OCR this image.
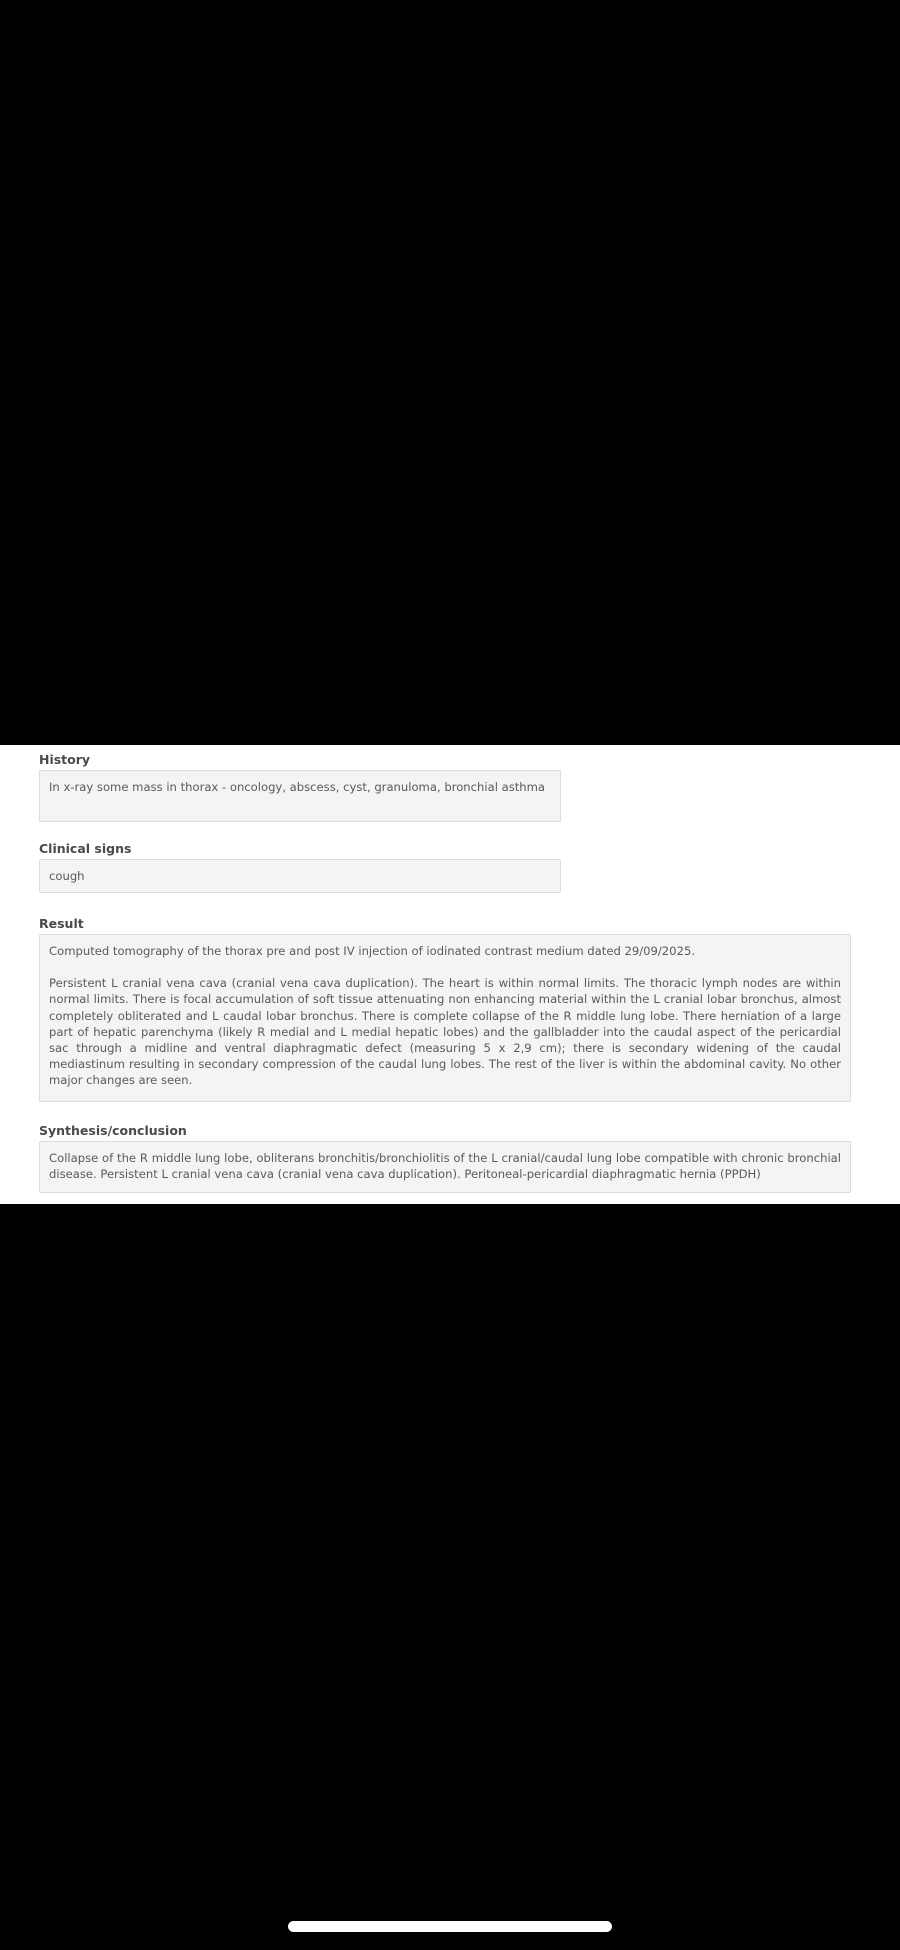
History

In x-ray some mass in thorax - oncology, abscess, cyst, granuloma, bronchial asthma

Clinical signs

cough

Result

Computed tomography of the thorax pre and post IV injection of iodinated contrast medium dated 29/09/2025.

Persistent L cranial vena cava (cranial vena cava duplication). The heart is within normal limits. The thoracic lymph nodes are within normal limits. There is focal accumulation of soft tissue attenuating non enhancing material within the L cranial lobar bronchus, almost completely obliterated and L caudal lobar bronchus. There is complete collapse of the R middle lung lobe. There herniation of a large part of hepatic parenchyma (likely R medial and L medial hepatic lobes) and the gallbladder into the caudal aspect of the pericardial sac through a midline and ventral diaphragmatic defect (measuring 5 x 2,9 cm); there is secondary widening of the caudal mediastinum resulting in secondary compression of the caudal lung lobes. The rest of the liver is within the abdominal cavity. No other major changes are seen.

Synthesis/conclusion

Collapse of the R middle lung lobe, obliterans bronchitis/bronchiolitis of the L cranial/caudal lung lobe compatible with chronic bronchial disease. Persistent L cranial vena cava (cranial vena cava duplication). Peritoneal-pericardial diaphragmatic hernia (PPDH)
